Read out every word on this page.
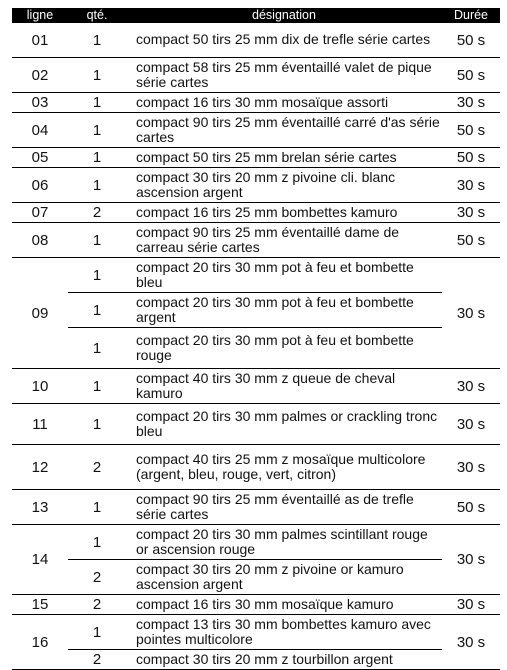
ligne	qté.	désignation	Durée
01	1	compact 50 tirs 25 mm dix de trefle série cartes	50 s
02	1	compact 58 tirs 25 mm éventaillé valet de pique série cartes	50 s
03	1	compact 16 tirs 30 mm mosaïque assorti	30 s
04	1	compact 90 tirs 25 mm éventaillé carré d'as série cartes	50 s
05	1	compact 50 tirs 25 mm brelan série cartes	50 s
06	1	compact 30 tirs 20 mm z pivoine cli. blanc ascension argent	30 s
07	2	compact 16 tirs 25 mm bombettes kamuro	30 s
08	1	compact 90 tirs 25 mm éventaillé dame de carreau série cartes	50 s
09	1	compact 20 tirs 30 mm pot à feu et bombette bleu	30 s
	1	compact 20 tirs 30 mm pot à feu et bombette argent	
	1	compact 20 tirs 30 mm pot à feu et bombette rouge	
10	1	compact 40 tirs 30 mm z queue de cheval kamuro	30 s
11	1	compact 20 tirs 30 mm palmes or crackling tronc bleu	30 s
12	2	compact 40 tirs 25 mm z mosaïque multicolore (argent, bleu, rouge, vert, citron)	30 s
13	1	compact 90 tirs 25 mm éventaillé as de trefle série cartes	50 s
14	1	compact 20 tirs 30 mm palmes scintillant rouge or ascension rouge	30 s
	2	compact 30 tirs 20 mm z pivoine or kamuro ascension argent	
15	2	compact 16 tirs 30 mm mosaïque kamuro	30 s
16	1	compact 13 tirs 30 mm bombettes kamuro avec pointes multicolore	30 s
	2	compact 30 tirs 20 mm z tourbillon argent	
